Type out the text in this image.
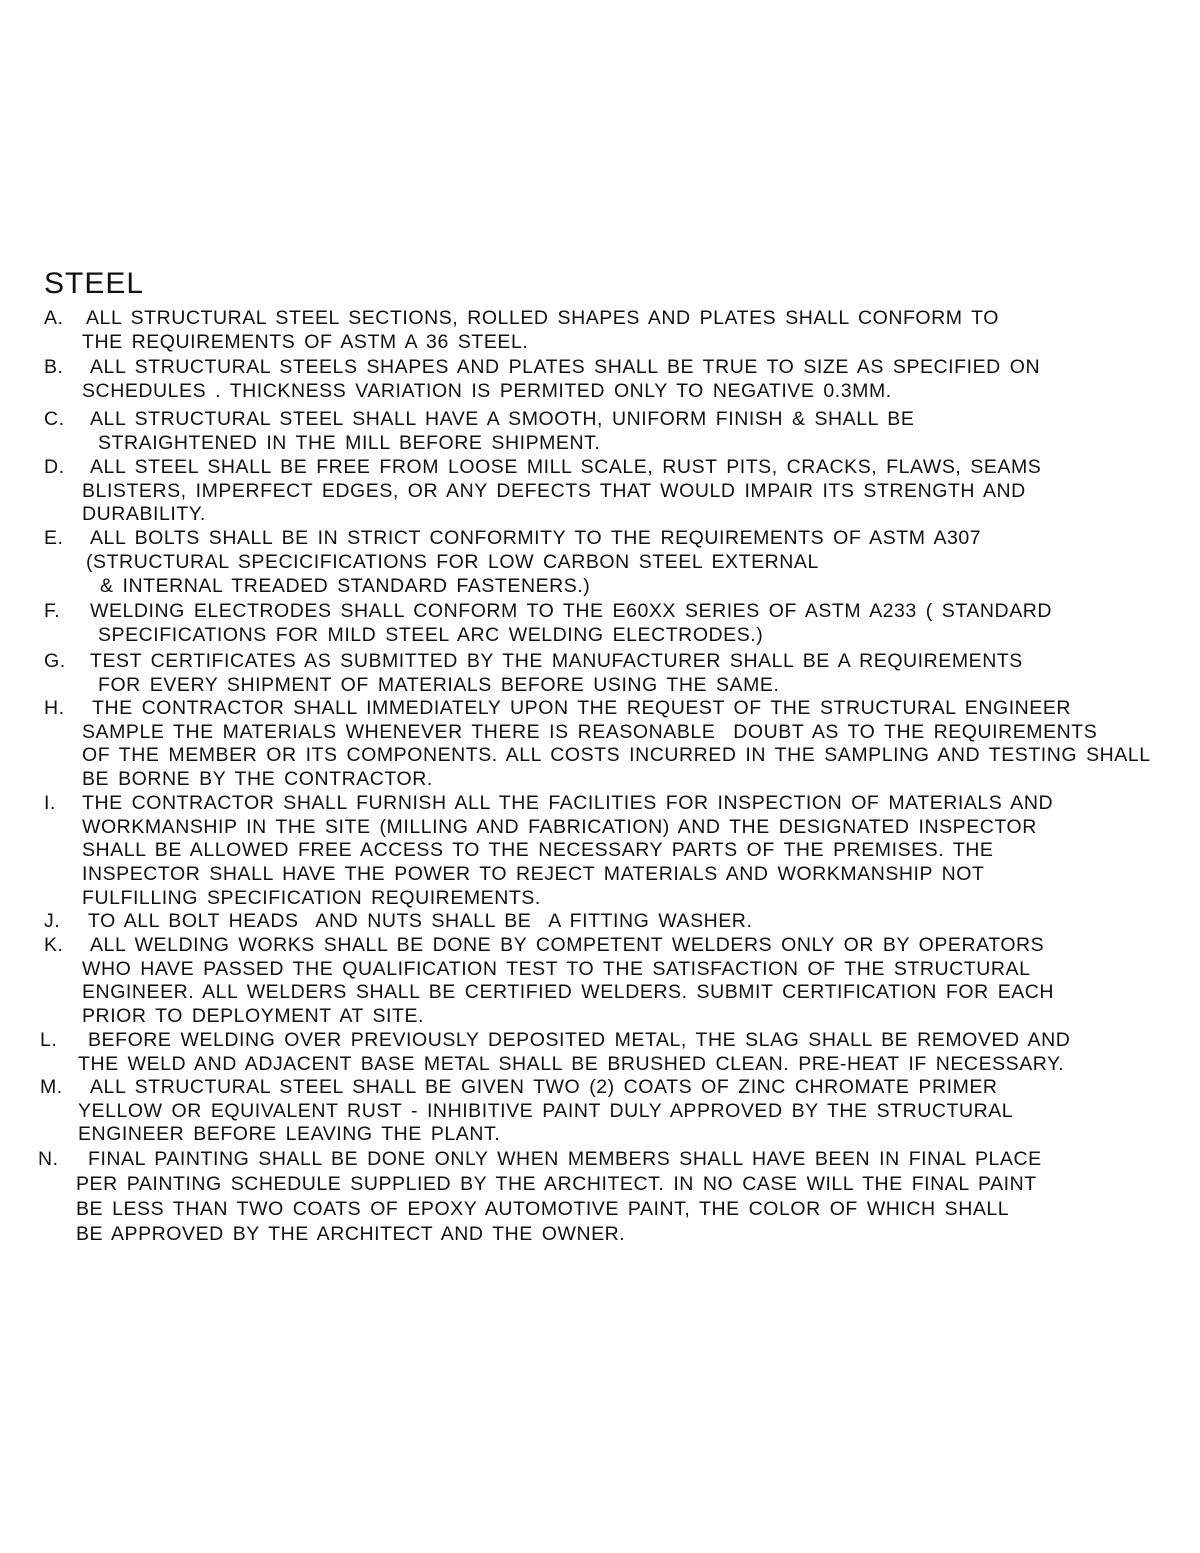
STEEL
A. ALL STRUCTURAL STEEL SECTIONS, ROLLED SHAPES AND PLATES SHALL CONFORM TO
THE REQUIREMENTS OF ASTM A 36 STEEL.
B. ALL STRUCTURAL STEELS SHAPES AND PLATES SHALL BE TRUE TO SIZE AS SPECIFIED ON
SCHEDULES . THICKNESS VARIATION IS PERMITED ONLY TO NEGATIVE 0.3MM.
C. ALL STRUCTURAL STEEL SHALL HAVE A SMOOTH, UNIFORM FINISH & SHALL BE
STRAIGHTENED IN THE MILL BEFORE SHIPMENT.
D. ALL STEEL SHALL BE FREE FROM LOOSE MILL SCALE, RUST PITS, CRACKS, FLAWS, SEAMS
BLISTERS, IMPERFECT EDGES, OR ANY DEFECTS THAT WOULD IMPAIR ITS STRENGTH AND
DURABILITY.
E. ALL BOLTS SHALL BE IN STRICT CONFORMITY TO THE REQUIREMENTS OF ASTM A307
(STRUCTURAL SPECICIFICATIONS FOR LOW CARBON STEEL EXTERNAL
& INTERNAL TREADED STANDARD FASTENERS.)
F. WELDING ELECTRODES SHALL CONFORM TO THE E60XX SERIES OF ASTM A233 ( STANDARD
SPECIFICATIONS FOR MILD STEEL ARC WELDING ELECTRODES.)
G. TEST CERTIFICATES AS SUBMITTED BY THE MANUFACTURER SHALL BE A REQUIREMENTS
FOR EVERY SHIPMENT OF MATERIALS BEFORE USING THE SAME.
H. THE CONTRACTOR SHALL IMMEDIATELY UPON THE REQUEST OF THE STRUCTURAL ENGINEER
SAMPLE THE MATERIALS WHENEVER THERE IS REASONABLE  DOUBT AS TO THE REQUIREMENTS
OF THE MEMBER OR ITS COMPONENTS. ALL COSTS INCURRED IN THE SAMPLING AND TESTING SHALL
BE BORNE BY THE CONTRACTOR.
I. THE CONTRACTOR SHALL FURNISH ALL THE FACILITIES FOR INSPECTION OF MATERIALS AND
WORKMANSHIP IN THE SITE (MILLING AND FABRICATION) AND THE DESIGNATED INSPECTOR
SHALL BE ALLOWED FREE ACCESS TO THE NECESSARY PARTS OF THE PREMISES. THE
INSPECTOR SHALL HAVE THE POWER TO REJECT MATERIALS AND WORKMANSHIP NOT
FULFILLING SPECIFICATION REQUIREMENTS.
J. TO ALL BOLT HEADS  AND NUTS SHALL BE  A FITTING WASHER.
K. ALL WELDING WORKS SHALL BE DONE BY COMPETENT WELDERS ONLY OR BY OPERATORS
WHO HAVE PASSED THE QUALIFICATION TEST TO THE SATISFACTION OF THE STRUCTURAL
ENGINEER. ALL WELDERS SHALL BE CERTIFIED WELDERS. SUBMIT CERTIFICATION FOR EACH
PRIOR TO DEPLOYMENT AT SITE.
L. BEFORE WELDING OVER PREVIOUSLY DEPOSITED METAL, THE SLAG SHALL BE REMOVED AND
THE WELD AND ADJACENT BASE METAL SHALL BE BRUSHED CLEAN. PRE-HEAT IF NECESSARY.
M. ALL STRUCTURAL STEEL SHALL BE GIVEN TWO (2) COATS OF ZINC CHROMATE PRIMER
YELLOW OR EQUIVALENT RUST - INHIBITIVE PAINT DULY APPROVED BY THE STRUCTURAL
ENGINEER BEFORE LEAVING THE PLANT.
N. FINAL PAINTING SHALL BE DONE ONLY WHEN MEMBERS SHALL HAVE BEEN IN FINAL PLACE
PER PAINTING SCHEDULE SUPPLIED BY THE ARCHITECT. IN NO CASE WILL THE FINAL PAINT
BE LESS THAN TWO COATS OF EPOXY AUTOMOTIVE PAINT, THE COLOR OF WHICH SHALL
BE APPROVED BY THE ARCHITECT AND THE OWNER.
